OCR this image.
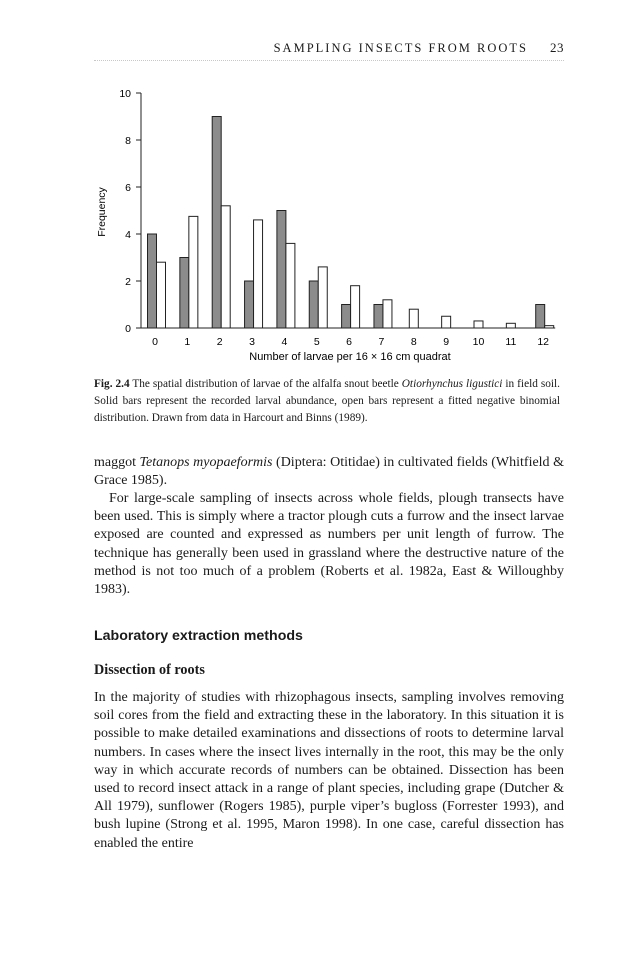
SAMPLING INSECTS FROM ROOTS 23
0
2
4
6
8
10
0	1	2	3	4	5	6	7	8	9 10 11 12
Frequency
Number of larvae per 16 × 16 cm quadrat
Fig. 2.4 The spatial distribution of larvae of the alfalfa snout beetle Otiorhynchus ligustici in field soil. Solid bars represent the recorded larval abundance, open bars represent a fitted negative binomial distribution. Drawn from data in Harcourt and Binns (1989).
maggot Tetanops myopaeformis (Diptera: Otitidae) in cultivated fields (Whitfield & Grace 1985).
For large-scale sampling of insects across whole fields, plough transects have been used. This is simply where a tractor plough cuts a furrow and the insect larvae exposed are counted and expressed as numbers per unit length of furrow. The technique has generally been used in grassland where the destructive nature of the method is not too much of a problem (Roberts et al. 1982a, East & Willoughby 1983).
Laboratory extraction methods
Dissection of roots
In the majority of studies with rhizophagous insects, sampling involves removing soil cores from the field and extracting these in the laboratory. In this situation it is possible to make detailed examinations and dissections of roots to determine larval numbers. In cases where the insect lives internally in the root, this may be the only way in which accurate records of numbers can be obtained. Dissection has been used to record insect attack in a range of plant species, including grape (Dutcher & All 1979), sunflower (Rogers 1985), purple viper’s bugloss (Forrester 1993), and bush lupine (Strong et al. 1995, Maron 1998). In one case, careful dissection has enabled the entire
